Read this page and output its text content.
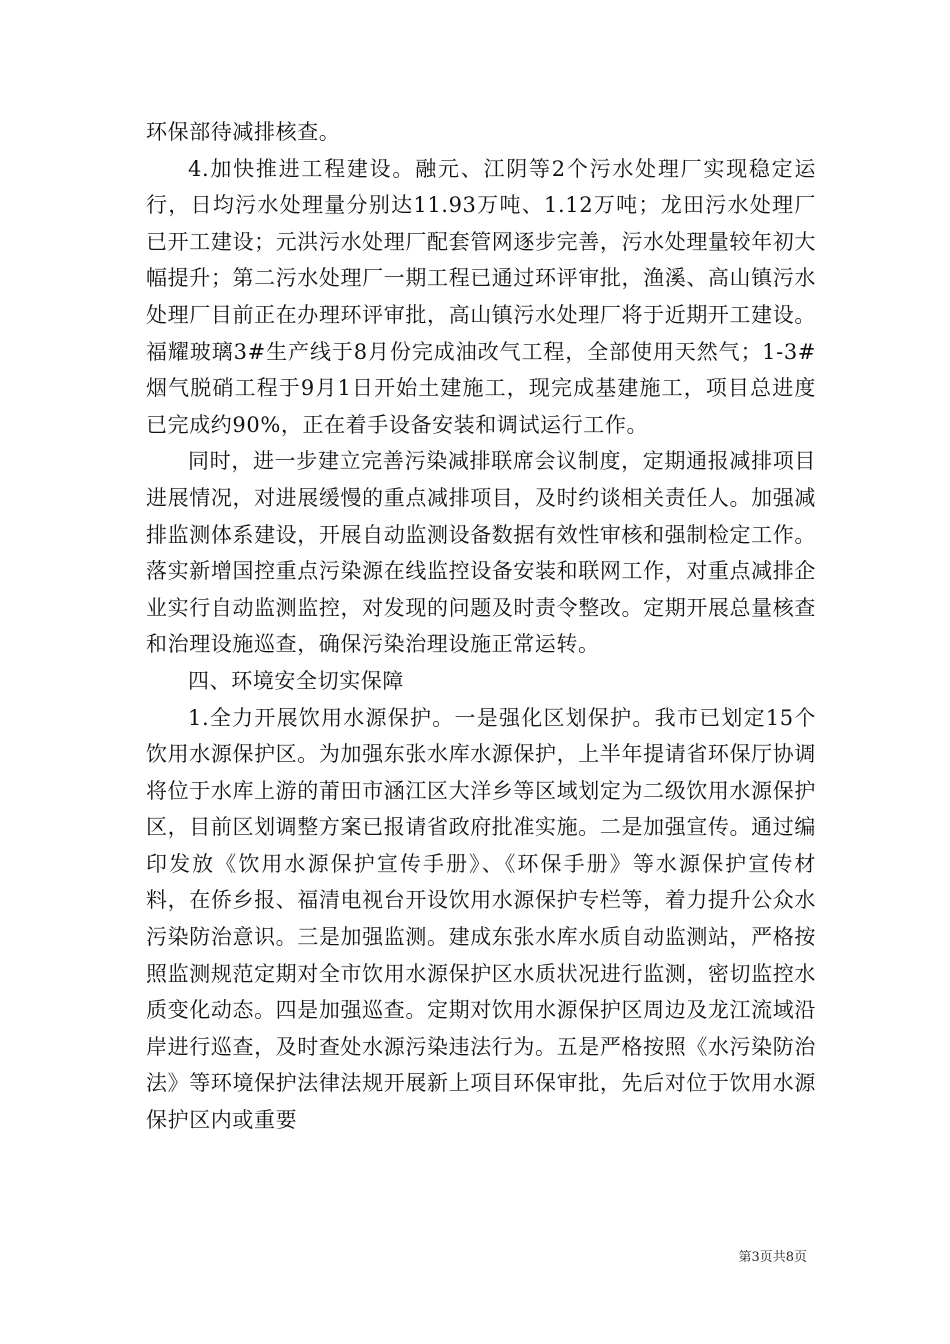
环保部待减排核查。

4.加快推进工程建设。融元、江阴等2个污水处理厂实现稳定运行，日均污水处理量分别达11.93万吨、1.12万吨；龙田污水处理厂已开工建设；元洪污水处理厂配套管网逐步完善，污水处理量较年初大幅提升；第二污水处理厂一期工程已通过环评审批，渔溪、高山镇污水处理厂目前正在办理环评审批，高山镇污水处理厂将于近期开工建设。福耀玻璃3#生产线于8月份完成油改气工程，全部使用天然气；1-3#烟气脱硝工程于9月1日开始土建施工，现完成基建施工，项目总进度已完成约90%，正在着手设备安装和调试运行工作。

同时，进一步建立完善污染减排联席会议制度，定期通报减排项目进展情况，对进展缓慢的重点减排项目，及时约谈相关责任人。加强减排监测体系建设，开展自动监测设备数据有效性审核和强制检定工作。落实新增国控重点污染源在线监控设备安装和联网工作，对重点减排企业实行自动监测监控，对发现的问题及时责令整改。定期开展总量核查和治理设施巡查，确保污染治理设施正常运转。

四、环境安全切实保障

1.全力开展饮用水源保护。一是强化区划保护。我市已划定15个饮用水源保护区。为加强东张水库水源保护，上半年提请省环保厅协调将位于水库上游的莆田市涵江区大洋乡等区域划定为二级饮用水源保护区，目前区划调整方案已报请省政府批准实施。二是加强宣传。通过编印发放《饮用水源保护宣传手册》、《环保手册》等水源保护宣传材料，在侨乡报、福清电视台开设饮用水源保护专栏等，着力提升公众水污染防治意识。三是加强监测。建成东张水库水质自动监测站，严格按照监测规范定期对全市饮用水源保护区水质状况进行监测，密切监控水质变化动态。四是加强巡查。定期对饮用水源保护区周边及龙江流域沿岸进行巡查，及时查处水源污染违法行为。五是严格按照《水污染防治法》等环境保护法律法规开展新上项目环保审批，先后对位于饮用水源保护区内或重要

第3页共8页
